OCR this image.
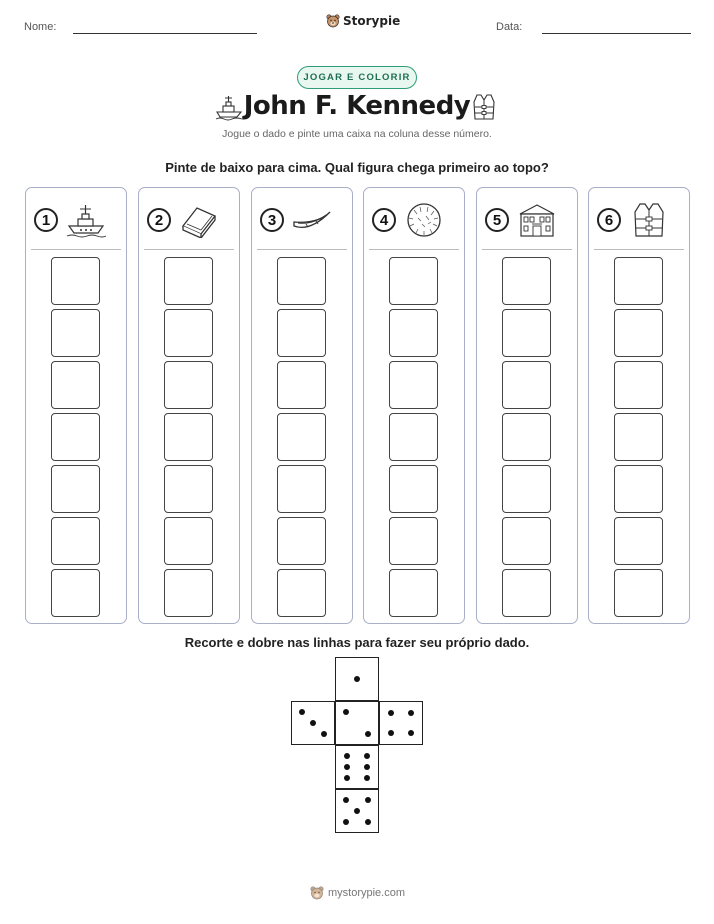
Nome:	Storypie	Data:
JOGAR E COLORIR
John F. Kennedy
Jogue o dado e pinte uma caixa na coluna desse número.
Pinte de baixo para cima. Qual figura chega primeiro ao topo?
1	2	3	4	5	6
Recorte e dobre nas linhas para fazer seu próprio dado.
mystorypie.com
